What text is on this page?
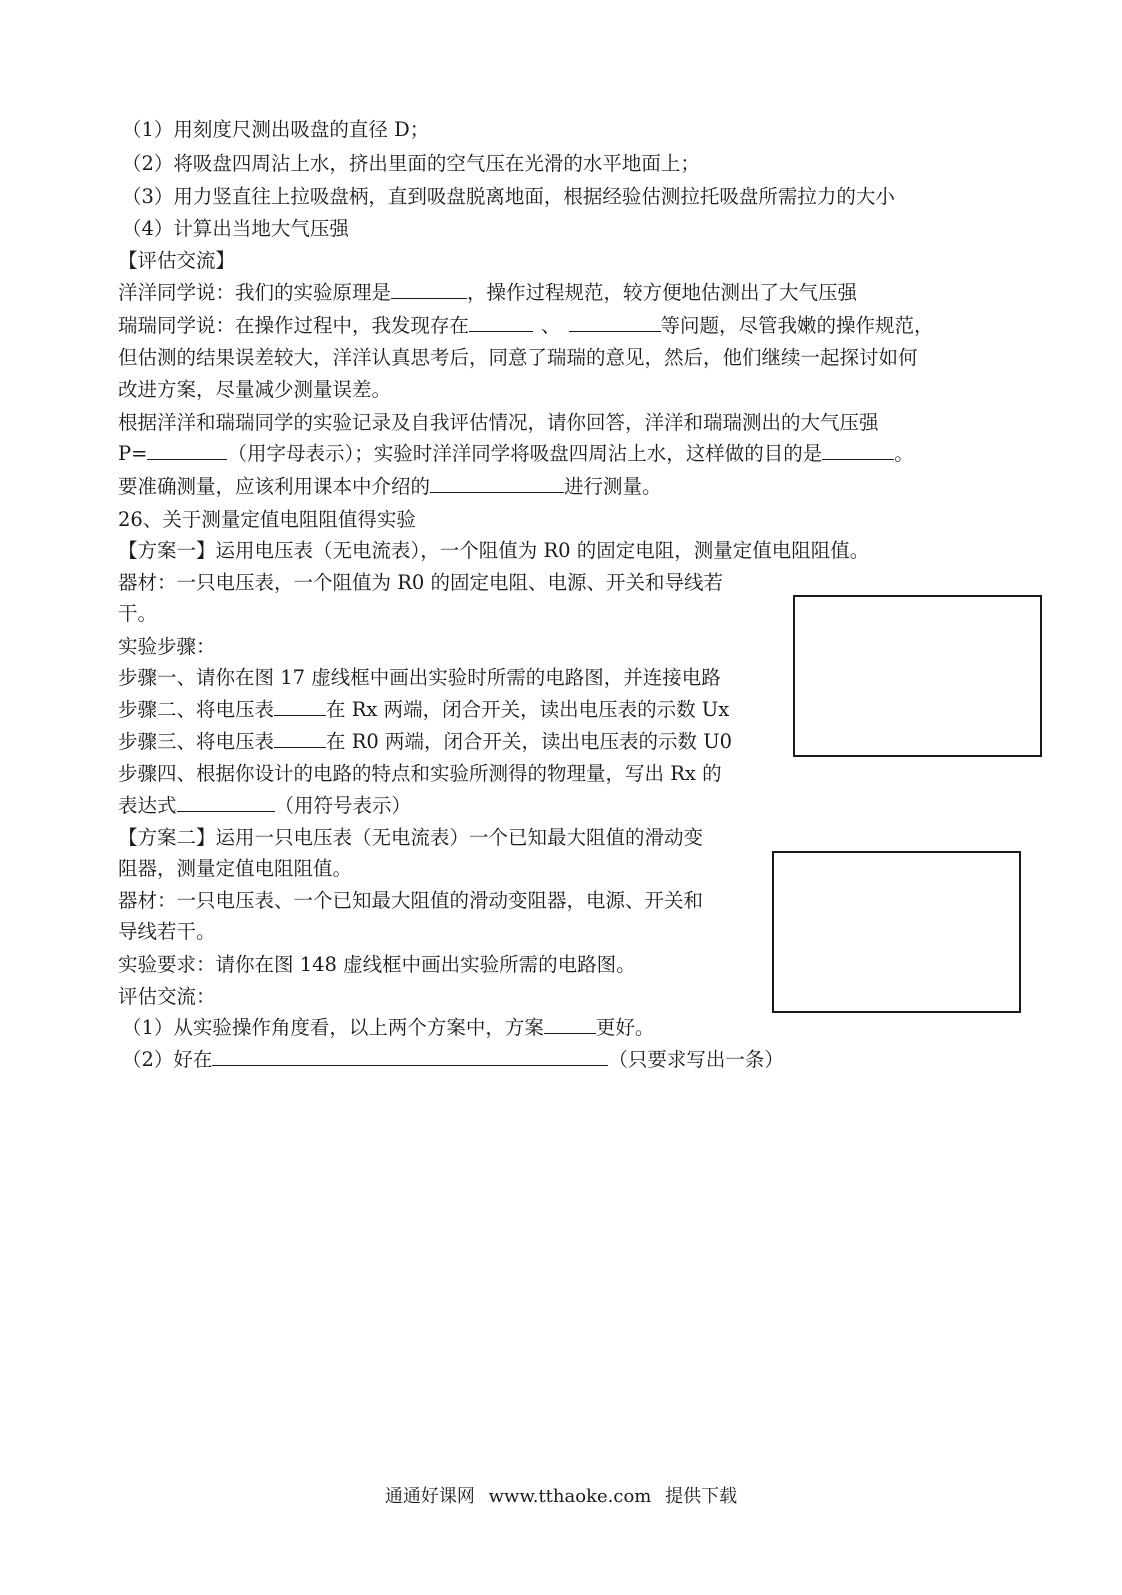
（1）用刻度尺测出吸盘的直径 D；
（2）将吸盘四周沾上水，挤出里面的空气压在光滑的水平地面上；
（3）用力竖直往上拉吸盘柄，直到吸盘脱离地面，根据经验估测拉托吸盘所需拉力的大小
（4）计算出当地大气压强
【评估交流】
洋洋同学说：我们的实验原理是	，操作过程规范，较方便地估测出了大气压强
瑞瑞同学说：在操作过程中，我发现存在	、	等问题，尽管我嫩的操作规范，
但估测的结果误差较大，洋洋认真思考后，同意了瑞瑞的意见，然后，他们继续一起探讨如何
改进方案，尽量减少测量误差。
根据洋洋和瑞瑞同学的实验记录及自我评估情况，请你回答，洋洋和瑞瑞测出的大气压强
P=	（用字母表示）；实验时洋洋同学将吸盘四周沾上水，这样做的目的是	。
要准确测量，应该利用课本中介绍的	进行测量。
26、关于测量定值电阻阻值得实验
【方案一】运用电压表（无电流表），一个阻值为 R0 的固定电阻，测量定值电阻阻值。
器材：一只电压表，一个阻值为 R0 的固定电阻、电源、开关和导线若
干。
实验步骤：
步骤一、请你在图 17 虚线框中画出实验时所需的电路图，并连接电路
步骤二、将电压表	在 Rx 两端，闭合开关，读出电压表的示数 Ux
步骤三、将电压表	在 R0 两端，闭合开关，读出电压表的示数 U0
步骤四、根据你设计的电路的特点和实验所测得的物理量，写出 Rx 的
表达式	（用符号表示）
【方案二】运用一只电压表（无电流表）一个已知最大阻值的滑动变
阻器，测量定值电阻阻值。
器材：一只电压表、一个已知最大阻值的滑动变阻器，电源、开关和
导线若干。
实验要求：请你在图 148 虚线框中画出实验所需的电路图。
评估交流：
（1）从实验操作角度看，以上两个方案中，方案	更好。
（2）好在	（只要求写出一条）
通通好课网 www.tthaoke.com 提供下载
